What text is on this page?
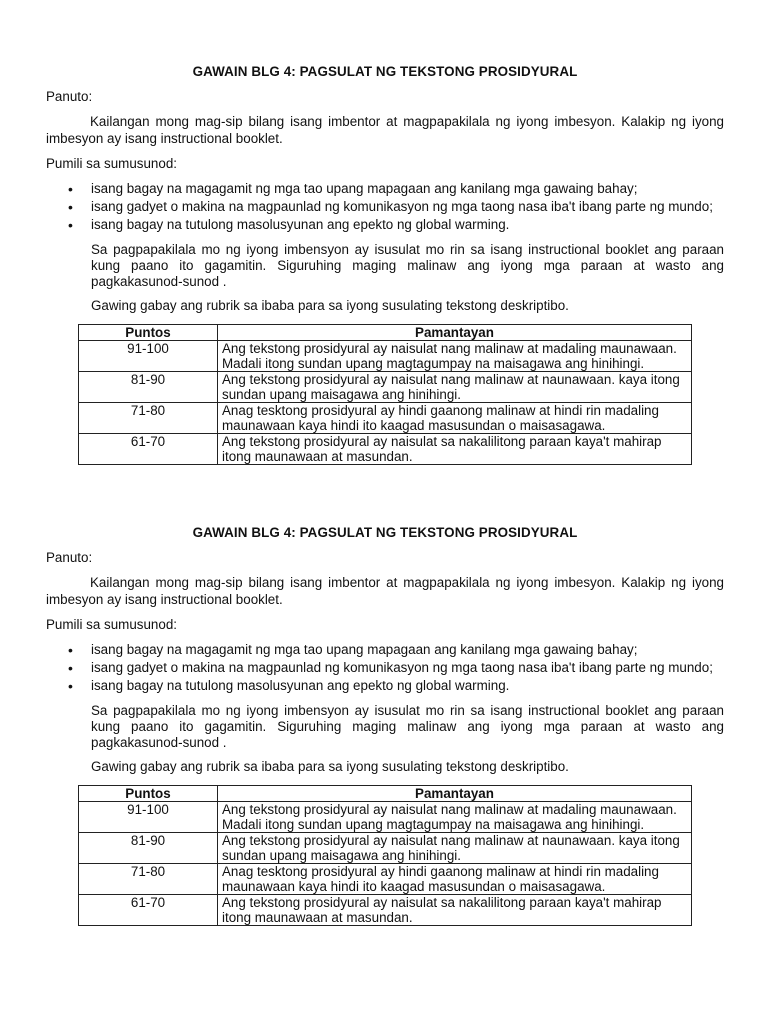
GAWAIN BLG 4: PAGSULAT NG TEKSTONG PROSIDYURAL
Panuto:
Kailangan mong mag-sip bilang isang imbentor at magpapakilala ng iyong imbesyon. Kalakip ng iyong imbesyon ay isang instructional booklet.
Pumili sa sumusunod:
• isang bagay na magagamit ng mga tao upang mapagaan ang kanilang mga gawaing bahay;
• isang gadyet o makina na magpaunlad ng komunikasyon ng mga taong nasa iba't ibang parte ng mundo;
• isang bagay na tutulong masolusyunan ang epekto ng global warming.
Sa pagpapakilala mo ng iyong imbensyon ay isusulat mo rin sa isang instructional booklet ang paraan kung paano ito gagamitin. Siguruhing maging malinaw ang iyong mga paraan at wasto ang pagkakasunod-sunod .
Gawing gabay ang rubrik sa ibaba para sa iyong susulating tekstong deskriptibo.
Puntos	Pamantayan
91-100	Ang tekstong prosidyural ay naisulat nang malinaw at madaling maunawaan. Madali itong sundan upang magtagumpay na maisagawa ang hinihingi.
81-90	Ang tekstong prosidyural ay naisulat nang malinaw at naunawaan. kaya itong sundan upang maisagawa ang hinihingi.
71-80	Anag tesktong prosidyural ay hindi gaanong malinaw at hindi rin madaling maunawaan kaya hindi ito kaagad masusundan o maisasagawa.
61-70	Ang tekstong prosidyural ay naisulat sa nakalilitong paraan kaya't mahirap itong maunawaan at masundan.
GAWAIN BLG 4: PAGSULAT NG TEKSTONG PROSIDYURAL
Panuto:
Kailangan mong mag-sip bilang isang imbentor at magpapakilala ng iyong imbesyon. Kalakip ng iyong imbesyon ay isang instructional booklet.
Pumili sa sumusunod:
• isang bagay na magagamit ng mga tao upang mapagaan ang kanilang mga gawaing bahay;
• isang gadyet o makina na magpaunlad ng komunikasyon ng mga taong nasa iba't ibang parte ng mundo;
• isang bagay na tutulong masolusyunan ang epekto ng global warming.
Sa pagpapakilala mo ng iyong imbensyon ay isusulat mo rin sa isang instructional booklet ang paraan kung paano ito gagamitin. Siguruhing maging malinaw ang iyong mga paraan at wasto ang pagkakasunod-sunod .
Gawing gabay ang rubrik sa ibaba para sa iyong susulating tekstong deskriptibo.
Puntos	Pamantayan
91-100	Ang tekstong prosidyural ay naisulat nang malinaw at madaling maunawaan. Madali itong sundan upang magtagumpay na maisagawa ang hinihingi.
81-90	Ang tekstong prosidyural ay naisulat nang malinaw at naunawaan. kaya itong sundan upang maisagawa ang hinihingi.
71-80	Anag tesktong prosidyural ay hindi gaanong malinaw at hindi rin madaling maunawaan kaya hindi ito kaagad masusundan o maisasagawa.
61-70	Ang tekstong prosidyural ay naisulat sa nakalilitong paraan kaya't mahirap itong maunawaan at masundan.
